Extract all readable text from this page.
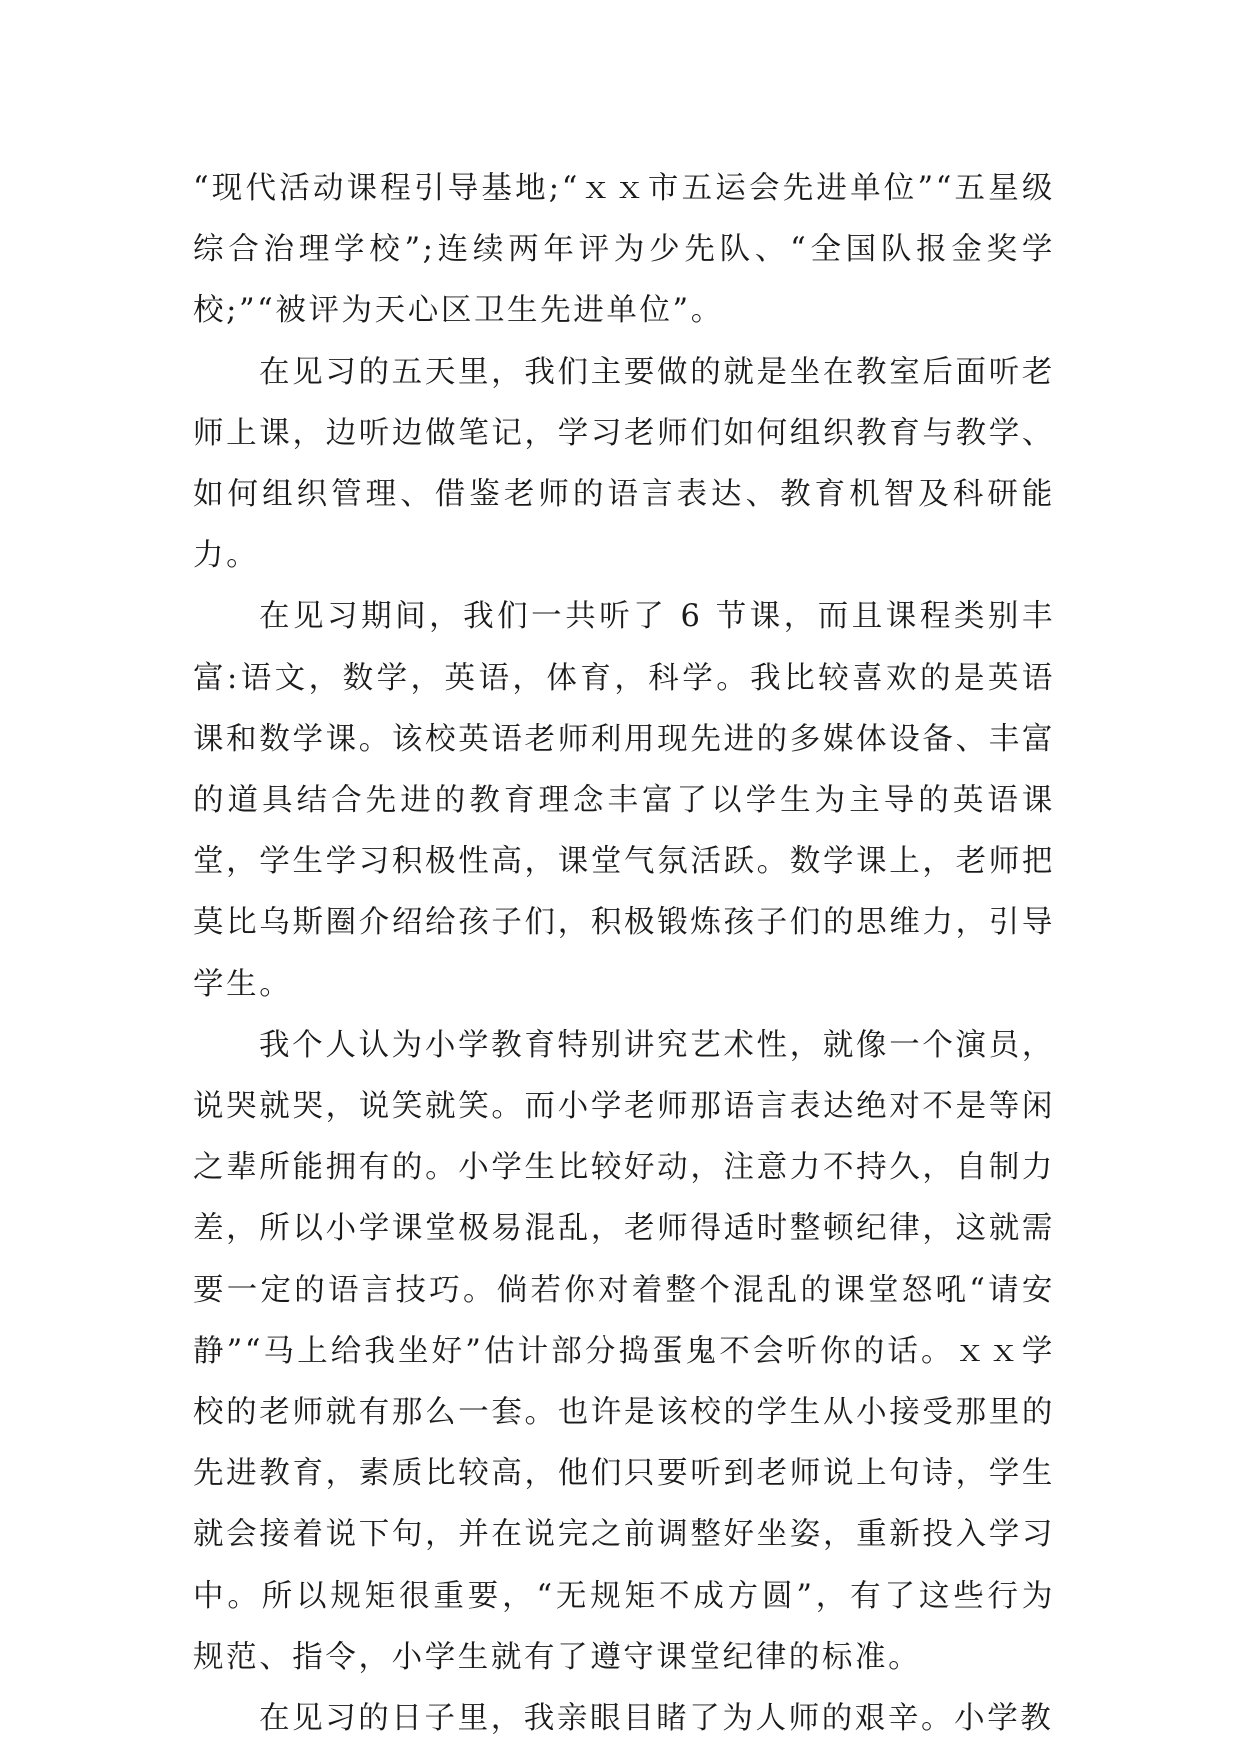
“现代活动课程引导基地;“ｘｘ市五运会先进单位”“五星级综合治理学校”;连续两年评为少先队、“全国队报金奖学校;”“被评为天心区卫生先进单位”。

在见习的五天里，我们主要做的就是坐在教室后面听老师上课，边听边做笔记，学习老师们如何组织教育与教学、如何组织管理、借鉴老师的语言表达、教育机智及科研能力。

在见习期间，我们一共听了 6 节课，而且课程类别丰富:语文，数学，英语，体育，科学。我比较喜欢的是英语课和数学课。该校英语老师利用现先进的多媒体设备、丰富的道具结合先进的教育理念丰富了以学生为主导的英语课堂，学生学习积极性高，课堂气氛活跃。数学课上，老师把莫比乌斯圈介绍给孩子们，积极锻炼孩子们的思维力，引导学生。

我个人认为小学教育特别讲究艺术性，就像一个演员，说哭就哭，说笑就笑。而小学老师那语言表达绝对不是等闲之辈所能拥有的。小学生比较好动，注意力不持久，自制力差，所以小学课堂极易混乱，老师得适时整顿纪律，这就需要一定的语言技巧。倘若你对着整个混乱的课堂怒吼“请安静”“马上给我坐好”估计部分捣蛋鬼不会听你的话。ｘｘ学校的老师就有那么一套。也许是该校的学生从小接受那里的先进教育，素质比较高，他们只要听到老师说上句诗，学生就会接着说下句，并在说完之前调整好坐姿，重新投入学习中。所以规矩很重要，“无规矩不成方圆”，有了这些行为规范、指令，小学生就有了遵守课堂纪律的标准。

在见习的日子里，我亲眼目睹了为人师的艰辛。小学教
